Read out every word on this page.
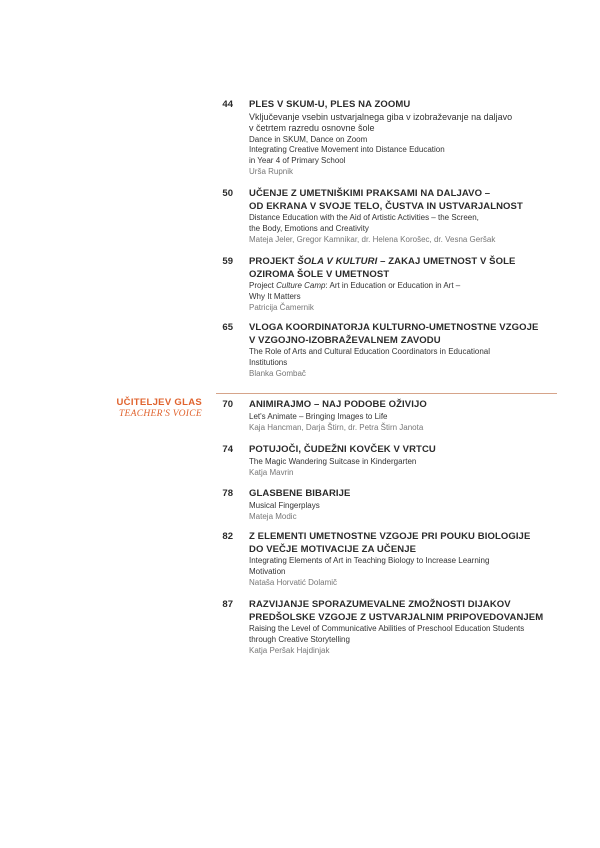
44 PLES V SKUM-U, PLES NA ZOOMU
Vključevanje vsebin ustvarjalnega giba v izobraževanje na daljavo
v četrtem razredu osnovne šole
Dance in SKUM, Dance on Zoom
Integrating Creative Movement into Distance Education
in Year 4 of Primary School
Urša Rupnik
50 UČENJE Z UMETNIŠKIMI PRAKSAMI NA DALJAVO –
OD EKRANA V SVOJE TELO, ČUSTVA IN USTVARJALNOST
Distance Education with the Aid of Artistic Activities – the Screen,
the Body, Emotions and Creativity
Mateja Jeler, Gregor Kamnikar, dr. Helena Korošec, dr. Vesna Geršak
59 PROJEKT ŠOLA V KULTURI – ZAKAJ UMETNOST V ŠOLE
OZIROMA ŠOLE V UMETNOST
Project Culture Camp: Art in Education or Education in Art –
Why It Matters
Patricija Čamernik
65 VLOGA KOORDINATORJA KULTURNO-UMETNOSTNE VZGOJE
V VZGOJNO-IZOBRAŽEVALNEM ZAVODU
The Role of Arts and Cultural Education Coordinators in Educational
Institutions
Blanka Gombač
UČITELJEV GLAS
TEACHER'S VOICE
70 ANIMIRAJMO – NAJ PODOBE OŽIVIJO
Let's Animate – Bringing Images to Life
Kaja Hancman, Darja Štirn, dr. Petra Štirn Janota
74 POTUJOČI, ČUDEŽNI KOVČEK V VRTCU
The Magic Wandering Suitcase in Kindergarten
Katja Mavrin
78 GLASBENE BIBARIJE
Musical Fingerplays
Mateja Modic
82 Z ELEMENTI UMETNOSTNE VZGOJE PRI POUKU BIOLOGIJE
DO VEČJE MOTIVACIJE ZA UČENJE
Integrating Elements of Art in Teaching Biology to Increase Learning
Motivation
Nataša Horvatić Dolamič
87 RAZVIJANJE SPORAZUMEVALNE ZMOŽNOSTI DIJAKOV
PREDŠOLSKE VZGOJE Z USTVARJALNIM PRIPOVEDOVANJEM
Raising the Level of Communicative Abilities of Preschool Education Students
through Creative Storytelling
Katja Peršak Hajdinjak
